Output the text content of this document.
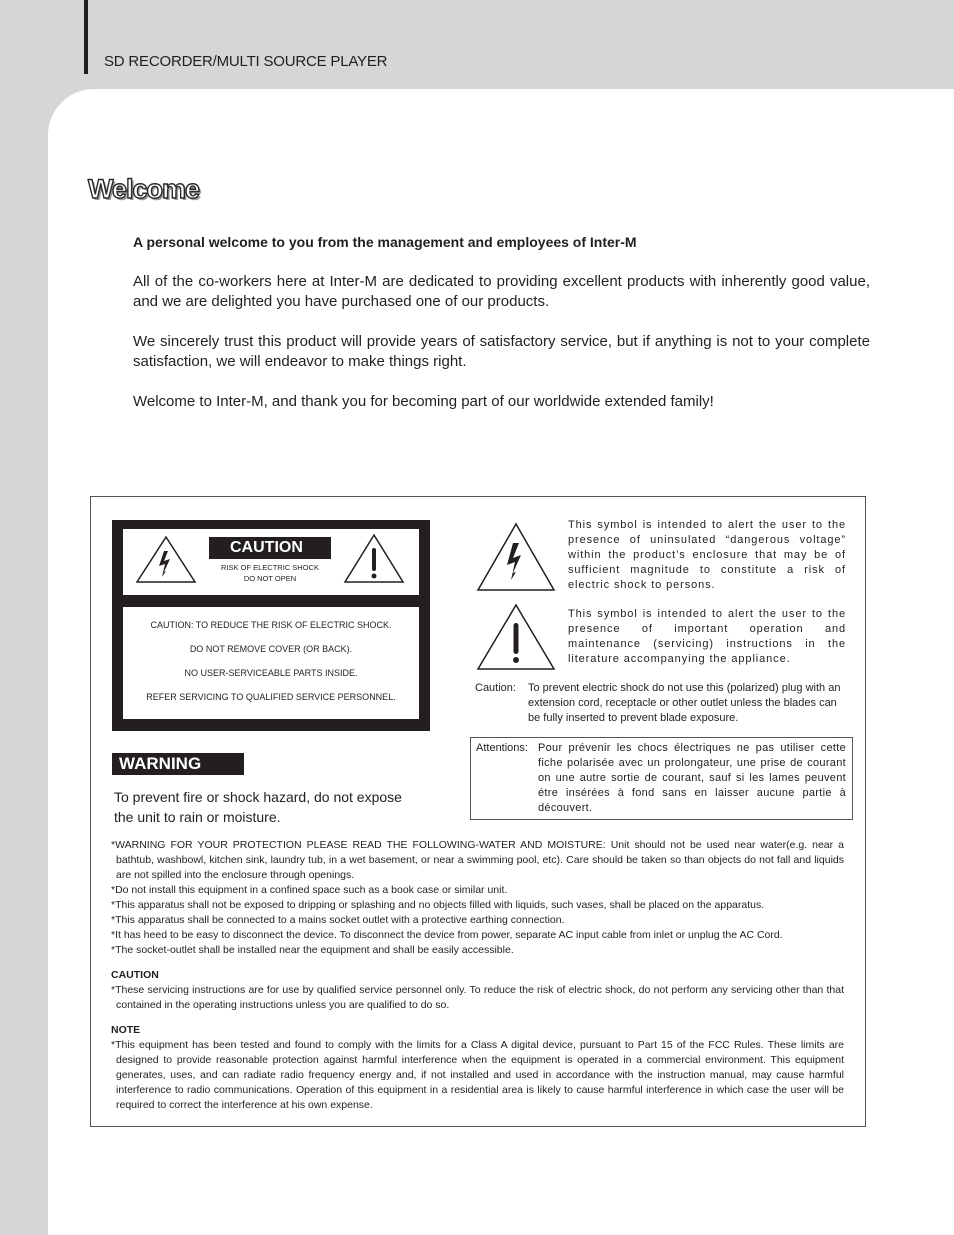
SD RECORDER/MULTI SOURCE PLAYER
Welcome

A personal welcome to you from the management and employees of Inter-M

All of the co-workers here at Inter-M are dedicated to providing excellent products with inherently good value, and we are delighted you have purchased one of our products.

We sincerely trust this product will provide years of satisfactory service, but if anything is not to your complete satisfaction, we will endeavor to make things right.

Welcome to Inter-M, and thank you for becoming part of our worldwide extended family!

CAUTION
RISK OF ELECTRIC SHOCK
DO NOT OPEN
CAUTION: TO REDUCE THE RISK OF ELECTRIC SHOCK.
DO NOT REMOVE COVER (OR BACK).
NO USER-SERVICEABLE PARTS INSIDE.
REFER SERVICING TO QUALIFIED SERVICE PERSONNEL.
WARNING
To prevent fire or shock hazard, do not expose the unit to rain or moisture.
This symbol is intended to alert the user to the presence of uninsulated “dangerous voltage” within the product’s enclosure that may be of sufficient magnitude to constitute a risk of electric shock to persons.
This symbol is intended to alert the user to the presence of important operation and maintenance (servicing) instructions in the literature accompanying the appliance.
Caution:	To prevent electric shock do not use this (polarized) plug with an extension cord, receptacle or other outlet unless the blades can be fully inserted to prevent blade exposure.
Attentions: Pour prévenir les chocs électriques ne pas utiliser cette fiche polarisée avec un prolongateur, une prise de courant on une autre sortie de courant, sauf si les lames peuvent étre insérées à fond sans en laisser aucune partie à découvert.
*WARNING FOR YOUR PROTECTION PLEASE READ THE FOLLOWING-WATER AND MOISTURE: Unit should not be used near water(e.g. near a bathtub, washbowl, kitchen sink, laundry tub, in a wet basement, or near a swimming pool, etc). Care should be taken so than objects do not fall and liquids are not spilled into the enclosure through openings.
*Do not install this equipment in a confined space such as a book case or similar unit.
*This apparatus shall not be exposed to dripping or splashing and no objects filled with liquids, such vases, shall be placed on the apparatus.
*This apparatus shall be connected to a mains socket outlet with a protective earthing connection.
*It has heed to be easy to disconnect the device. To disconnect the device from power, separate AC input cable from inlet or unplug the AC Cord.
*The socket-outlet shall be installed near the equipment and shall be easily accessible.
CAUTION
*These servicing instructions are for use by qualified service personnel only. To reduce the risk of electric shock, do not perform any servicing other than that contained in the operating instructions unless you are qualified to do so.
NOTE
*This equipment has been tested and found to comply with the limits for a Class A digital device, pursuant to Part 15 of the FCC Rules. These limits are designed to provide reasonable protection against harmful interference when the equipment is operated in a commercial environment. This equipment generates, uses, and can radiate radio frequency energy and, if not installed and used in accordance with the instruction manual, may cause harmful interference to radio communications. Operation of this equipment in a residential area is likely to cause harmful interference in which case the user will be required to correct the interference at his own expense.
